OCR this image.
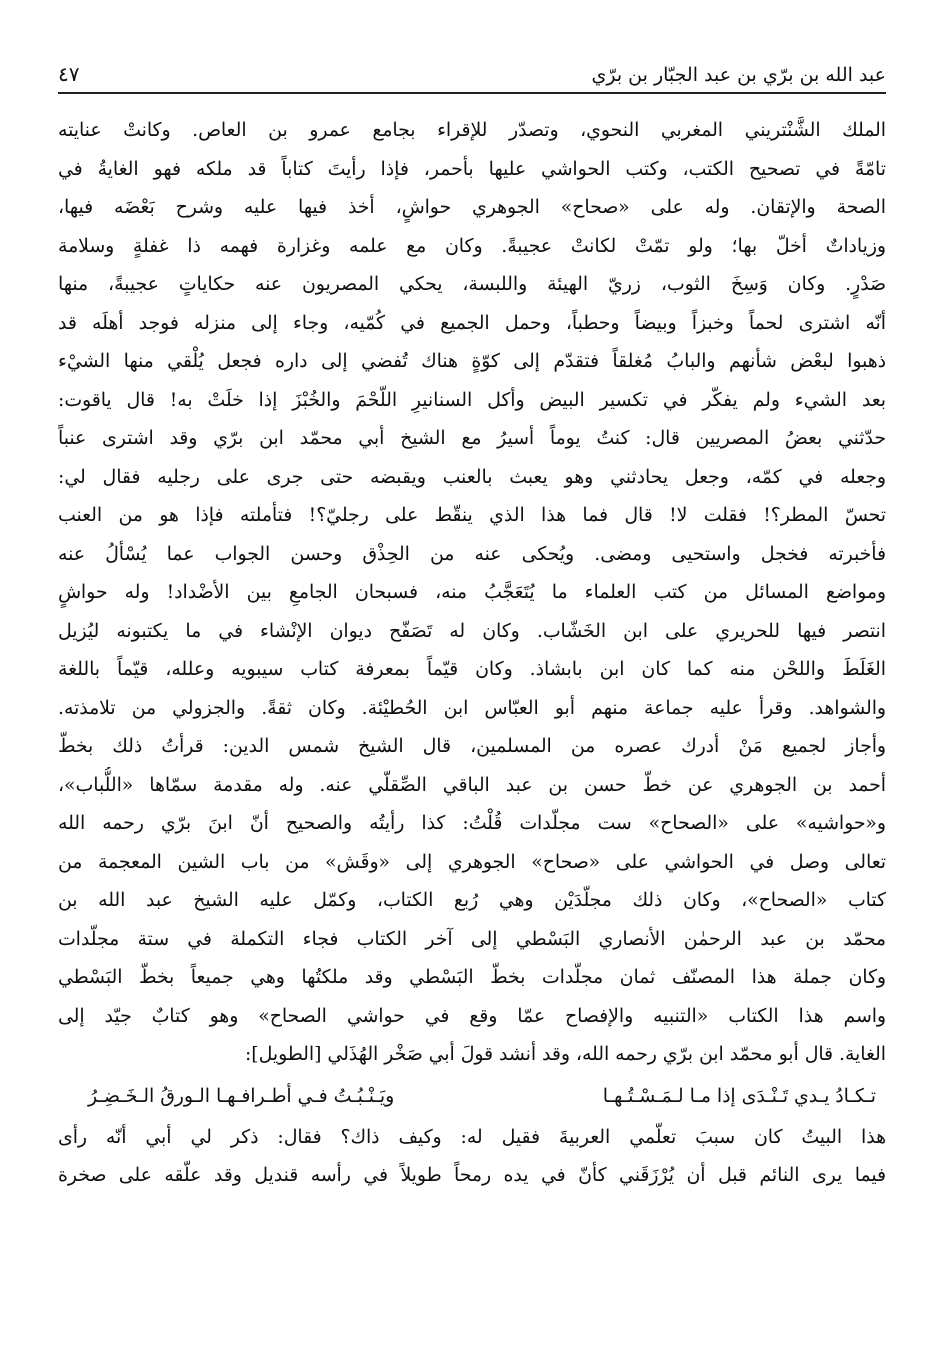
عبد الله بن برّي بن عبد الجبّار بن برّي
٤٧
الملك الشَّنْتريني المغربي النحوي، وتصدّر للإقراء بجامع عمرو بن العاص. وكانتْ عنايته
تامّةً في تصحيح الكتب، وكتب الحواشي عليها بأحمر، فإذا رأيتَ كتاباً قد ملكه فهو الغايةُ في
الصحة والإتقان. وله على «صحاح» الجوهري حواشٍ، أخذ فيها عليه وشرح بَعْضَه فيها،
وزياداتٌ أخلّ بها؛ ولو تمّتْ لكانتْ عجيبةً. وكان مع علمه وغزارة فهمه ذا غفلةٍ وسلامة
صَدْرٍ. وكان وَسِخَ الثوب، زريّ الهيئة واللبسة، يحكي المصريون عنه حكاياتٍ عجيبةً، منها
أنّه اشترى لحماً وخبزاً وبيضاً وحطباً، وحمل الجميع في كُمّيه، وجاء إلى منزله فوجد أهلَه قد
ذهبوا لبعْض شأنهم والبابُ مُغلقاً فتقدّم إلى كوّةٍ هناك تُفضي إلى داره فجعل يُلْقي منها الشيْء
بعد الشيء ولم يفكّر في تكسير البيض وأكل السنانيرِ اللّحْمَ والخُبْزَ إذا خلَتْ به! قال ياقوت:
حدّثني بعضُ المصريين قال: كنتُ يوماً أسيرُ مع الشيخ أبي محمّد ابن برّي وقد اشترى عنباً
وجعله في كمّه، وجعل يحادثني وهو يعبث بالعنب ويقبضه حتى جرى على رجليه فقال لي:
تحسّ المطر؟! فقلت لا! قال فما هذا الذي ينقّط على رجليّ؟! فتأملته فإذا هو من العنب
فأخبرته فخجل واستحيى ومضى. ويُحكى عنه من الحِذْق وحسن الجواب عما يُسْألُ عنه
ومواضع المسائل من كتب العلماء ما يُتَعَجَّبُ منه، فسبحان الجامعِ بين الأضْداد! وله حواشٍ
انتصر فيها للحريري على ابن الخَشّاب. وكان له تَصَفّح ديوان الإنْشاء في ما يكتبونه ليُزيل
الغَلَطَ واللحْن منه كما كان ابن بابشاذ. وكان قيّماً بمعرفة كتاب سيبويه وعلله، قيّماً باللغة
والشواهد. وقرأ عليه جماعة منهم أبو العبّاس ابن الحُطيْئة. وكان ثقةً. والجزولي من تلامذته.
وأجاز لجميع مَنْ أدرك عصره من المسلمين، قال الشيخ شمس الدين: قرأتُ ذلك بخطّ
أحمد بن الجوهري عن خطّ حسن بن عبد الباقي الصِّقلّي عنه. وله مقدمة سمّاها «اللُّباب»،
و«حواشيه» على «الصحاح» ست مجلّدات قُلْتُ: كذا رأيتُه والصحيح أنّ ابنَ برّي رحمه الله
تعالى وصل في الحواشي على «صحاح» الجوهري إلى «وقَش» من باب الشين المعجمة من
كتاب «الصحاح»، وكان ذلك مجلّدَيْن وهي رُبع الكتاب، وكمّل عليه الشيخ عبد الله بن
محمّد بن عبد الرحمٰن الأنصاري البَسْطي إلى آخر الكتاب فجاء التكملة في ستة مجلّدات
وكان جملة هذا المصنّف ثمان مجلّدات بخطّ البَسْطي وقد ملكتُها وهي جميعاً بخطّ البَسْطي
واسم هذا الكتاب «التنبيه والإفصاح عمّا وقع في حواشي الصحاح» وهو كتابٌ جيّد إلى
الغاية. قال أبو محمّد ابن برّي رحمه الله، وقد أنشد قولَ أبي صَخْر الهُذَلي [الطويل]:
تـكـادُ يـدي تَـنْـدَى إذا مـا لـمَـسْـتُـهـا
ويَـنْـبُـتُ فـي أطـرافـهـا الـورقُ الـخَـضِـرُ
هذا البيتُ كان سببَ تعلّمي العربيةَ فقيل له: وكيف ذاك؟ فقال: ذكر لي أبي أنّه رأى
فيما يرى النائم قبل أن يُرْزَقَني كأنّ في يده رمحاً طويلاً في رأسه قنديل وقد علّقه على صخرة
